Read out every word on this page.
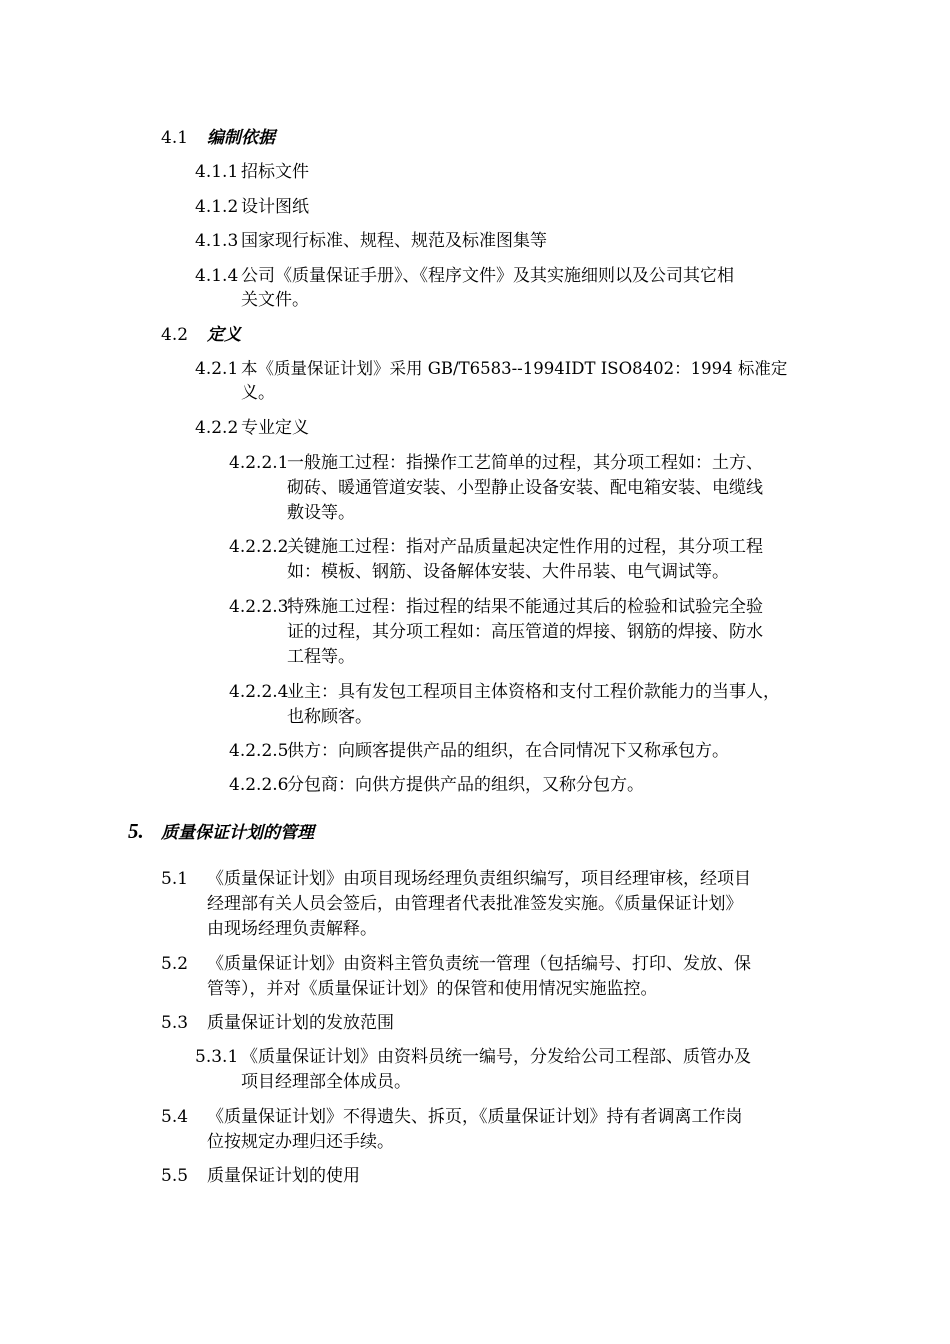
4.1 编制依据
4.1.1 招标文件
4.1.2 设计图纸
4.1.3 国家现行标准、规程、规范及标准图集等
4.1.4 公司《质量保证手册》、《程序文件》及其实施细则以及公司其它相
关文件。
4.2 定义
4.2.1 本《质量保证计划》采用 GB/T6583--1994IDT ISO8402：1994 标准定
义。
4.2.2 专业定义
4.2.2.1
一般施工过程：指操作工艺简单的过程，其分项工程如：土方、
砌砖、暖通管道安装、小型静止设备安装、配电箱安装、电缆线
敷设等。
4.2.2.2
关键施工过程：指对产品质量起决定性作用的过程，其分项工程
如：模板、钢筋、设备解体安装、大件吊装、电气调试等。
4.2.2.3
特殊施工过程：指过程的结果不能通过其后的检验和试验完全验
证的过程，其分项工程如：高压管道的焊接、钢筋的焊接、防水
工程等。
4.2.2.4
业主：具有发包工程项目主体资格和支付工程价款能力的当事人，
也称顾客。
4.2.2.5
供方：向顾客提供产品的组织，在合同情况下又称承包方。
4.2.2.6
分包商：向供方提供产品的组织，又称分包方。
5. 质量保证计划的管理
5.1 《质量保证计划》由项目现场经理负责组织编写，项目经理审核，经项目
经理部有关人员会签后，由管理者代表批准签发实施。《质量保证计划》
由现场经理负责解释。
5.2 《质量保证计划》由资料主管负责统一管理（包括编号、打印、发放、保
管等），并对《质量保证计划》的保管和使用情况实施监控。
5.3 质量保证计划的发放范围
5.3.1 《质量保证计划》由资料员统一编号，分发给公司工程部、质管办及
项目经理部全体成员。
5.4 《质量保证计划》不得遗失、拆页，《质量保证计划》持有者调离工作岗
位按规定办理归还手续。
5.5 质量保证计划的使用
